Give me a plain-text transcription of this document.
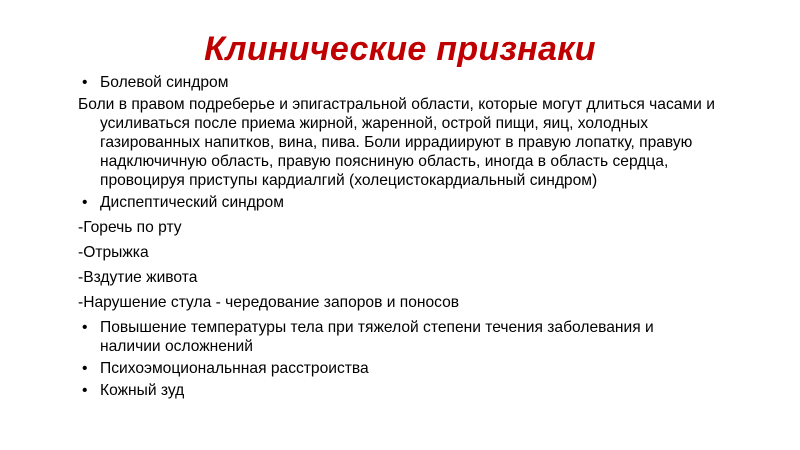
Клинические признаки
• Болевой синдром
Боли в правом подреберье и эпигастральной области, которые могут длиться часами и усиливаться после приема жирной, жаренной, острой пищи, яиц, холодных газированных напитков, вина, пива. Боли иррадиируют в правую лопатку, правую надключичную область, правую поясниную область, иногда в область сердца, провоцируя приступы кардиалгий (холецистокардиальный синдром)
• Диспептический синдром
-Горечь по рту
-Отрыжка
-Вздутие живота
-Нарушение стула - чередование запоров и поносов
• Повышение температуры тела при тяжелой степени течения заболевания и наличии осложнений
• Психоэмоциональнная расстроиства
• Кожный зуд
